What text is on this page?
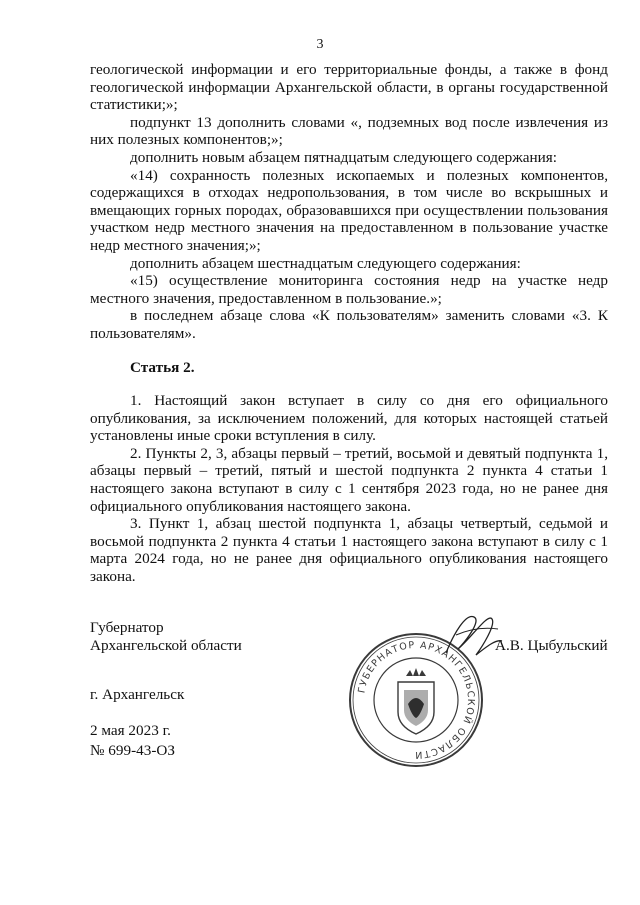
3

геологической информации и его территориальные фонды, а также в фонд геологической информации Архангельской области, в органы государственной статистики;»;

подпункт 13 дополнить словами «, подземных вод после извлечения из них полезных компонентов;»;

дополнить новым абзацем пятнадцатым следующего содержания:

«14) сохранность полезных ископаемых и полезных компонентов, содержащихся в отходах недропользования, в том числе во вскрышных и вмещающих горных породах, образовавшихся при осуществлении пользования участком недр местного значения на предоставленном в пользование участке недр местного значения;»;

дополнить абзацем шестнадцатым следующего содержания:

«15) осуществление мониторинга состояния недр на участке недр местного значения, предоставленном в пользование.»;

в последнем абзаце слова «К пользователям» заменить словами «3. К пользователям».

Статья 2.

1. Настоящий закон вступает в силу со дня его официального опубликования, за исключением положений, для которых настоящей статьей установлены иные сроки вступления в силу.

2. Пункты 2, 3, абзацы первый – третий, восьмой и девятый подпункта 1, абзацы первый – третий, пятый и шестой подпункта 2 пункта 4 статьи 1 настоящего закона вступают в силу с 1 сентября 2023 года, но не ранее дня официального опубликования настоящего закона.

3. Пункт 1, абзац шестой подпункта 1, абзацы четвертый, седьмой и восьмой подпункта 2 пункта 4 статьи 1 настоящего закона вступают в силу с 1 марта 2024 года, но не ранее дня официального опубликования настоящего закона.

Губернатор
Архангельской области
ГУБЕРНАТОР АРХАНГЕЛЬСКОЙ ОБЛАСТИ
А.В. Цыбульский
г. Архангельск
2 мая 2023 г.
№ 699-43-ОЗ
